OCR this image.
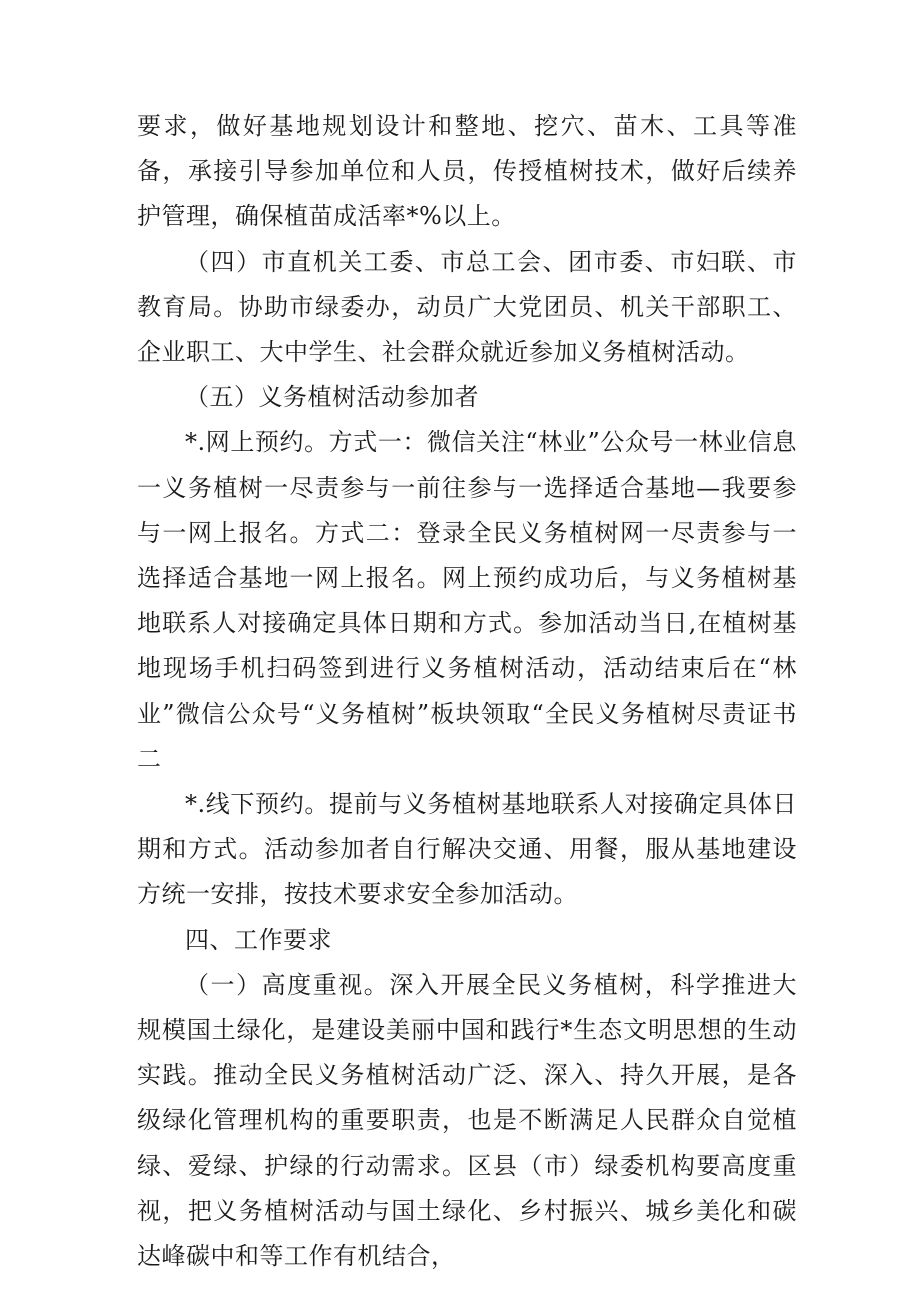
要求，做好基地规划设计和整地、挖穴、苗木、工具等准备，承接引导参加单位和人员，传授植树技术，做好后续养护管理，确保植苗成活率*%以上。

（四）市直机关工委、市总工会、团市委、市妇联、市教育局。协助市绿委办，动员广大党团员、机关干部职工、企业职工、大中学生、社会群众就近参加义务植树活动。

（五）义务植树活动参加者

*.网上预约。方式一：微信关注“林业”公众号一林业信息一义务植树一尽责参与一前往参与一选择适合基地—我要参与一网上报名。方式二：登录全民义务植树网一尽责参与一选择适合基地一网上报名。网上预约成功后，与义务植树基地联系人对接确定具体日期和方式。参加活动当日,在植树基地现场手机扫码签到进行义务植树活动，活动结束后在“林业”微信公众号“义务植树”板块领取“全民义务植树尽责证书二

*.线下预约。提前与义务植树基地联系人对接确定具体日期和方式。活动参加者自行解决交通、用餐，服从基地建设方统一安排，按技术要求安全参加活动。

四、工作要求

（一）高度重视。深入开展全民义务植树，科学推进大规模国土绿化，是建设美丽中国和践行*生态文明思想的生动实践。推动全民义务植树活动广泛、深入、持久开展，是各级绿化管理机构的重要职责，也是不断满足人民群众自觉植绿、爱绿、护绿的行动需求。区县（市）绿委机构要高度重视，把义务植树活动与国土绿化、乡村振兴、城乡美化和碳达峰碳中和等工作有机结合，
